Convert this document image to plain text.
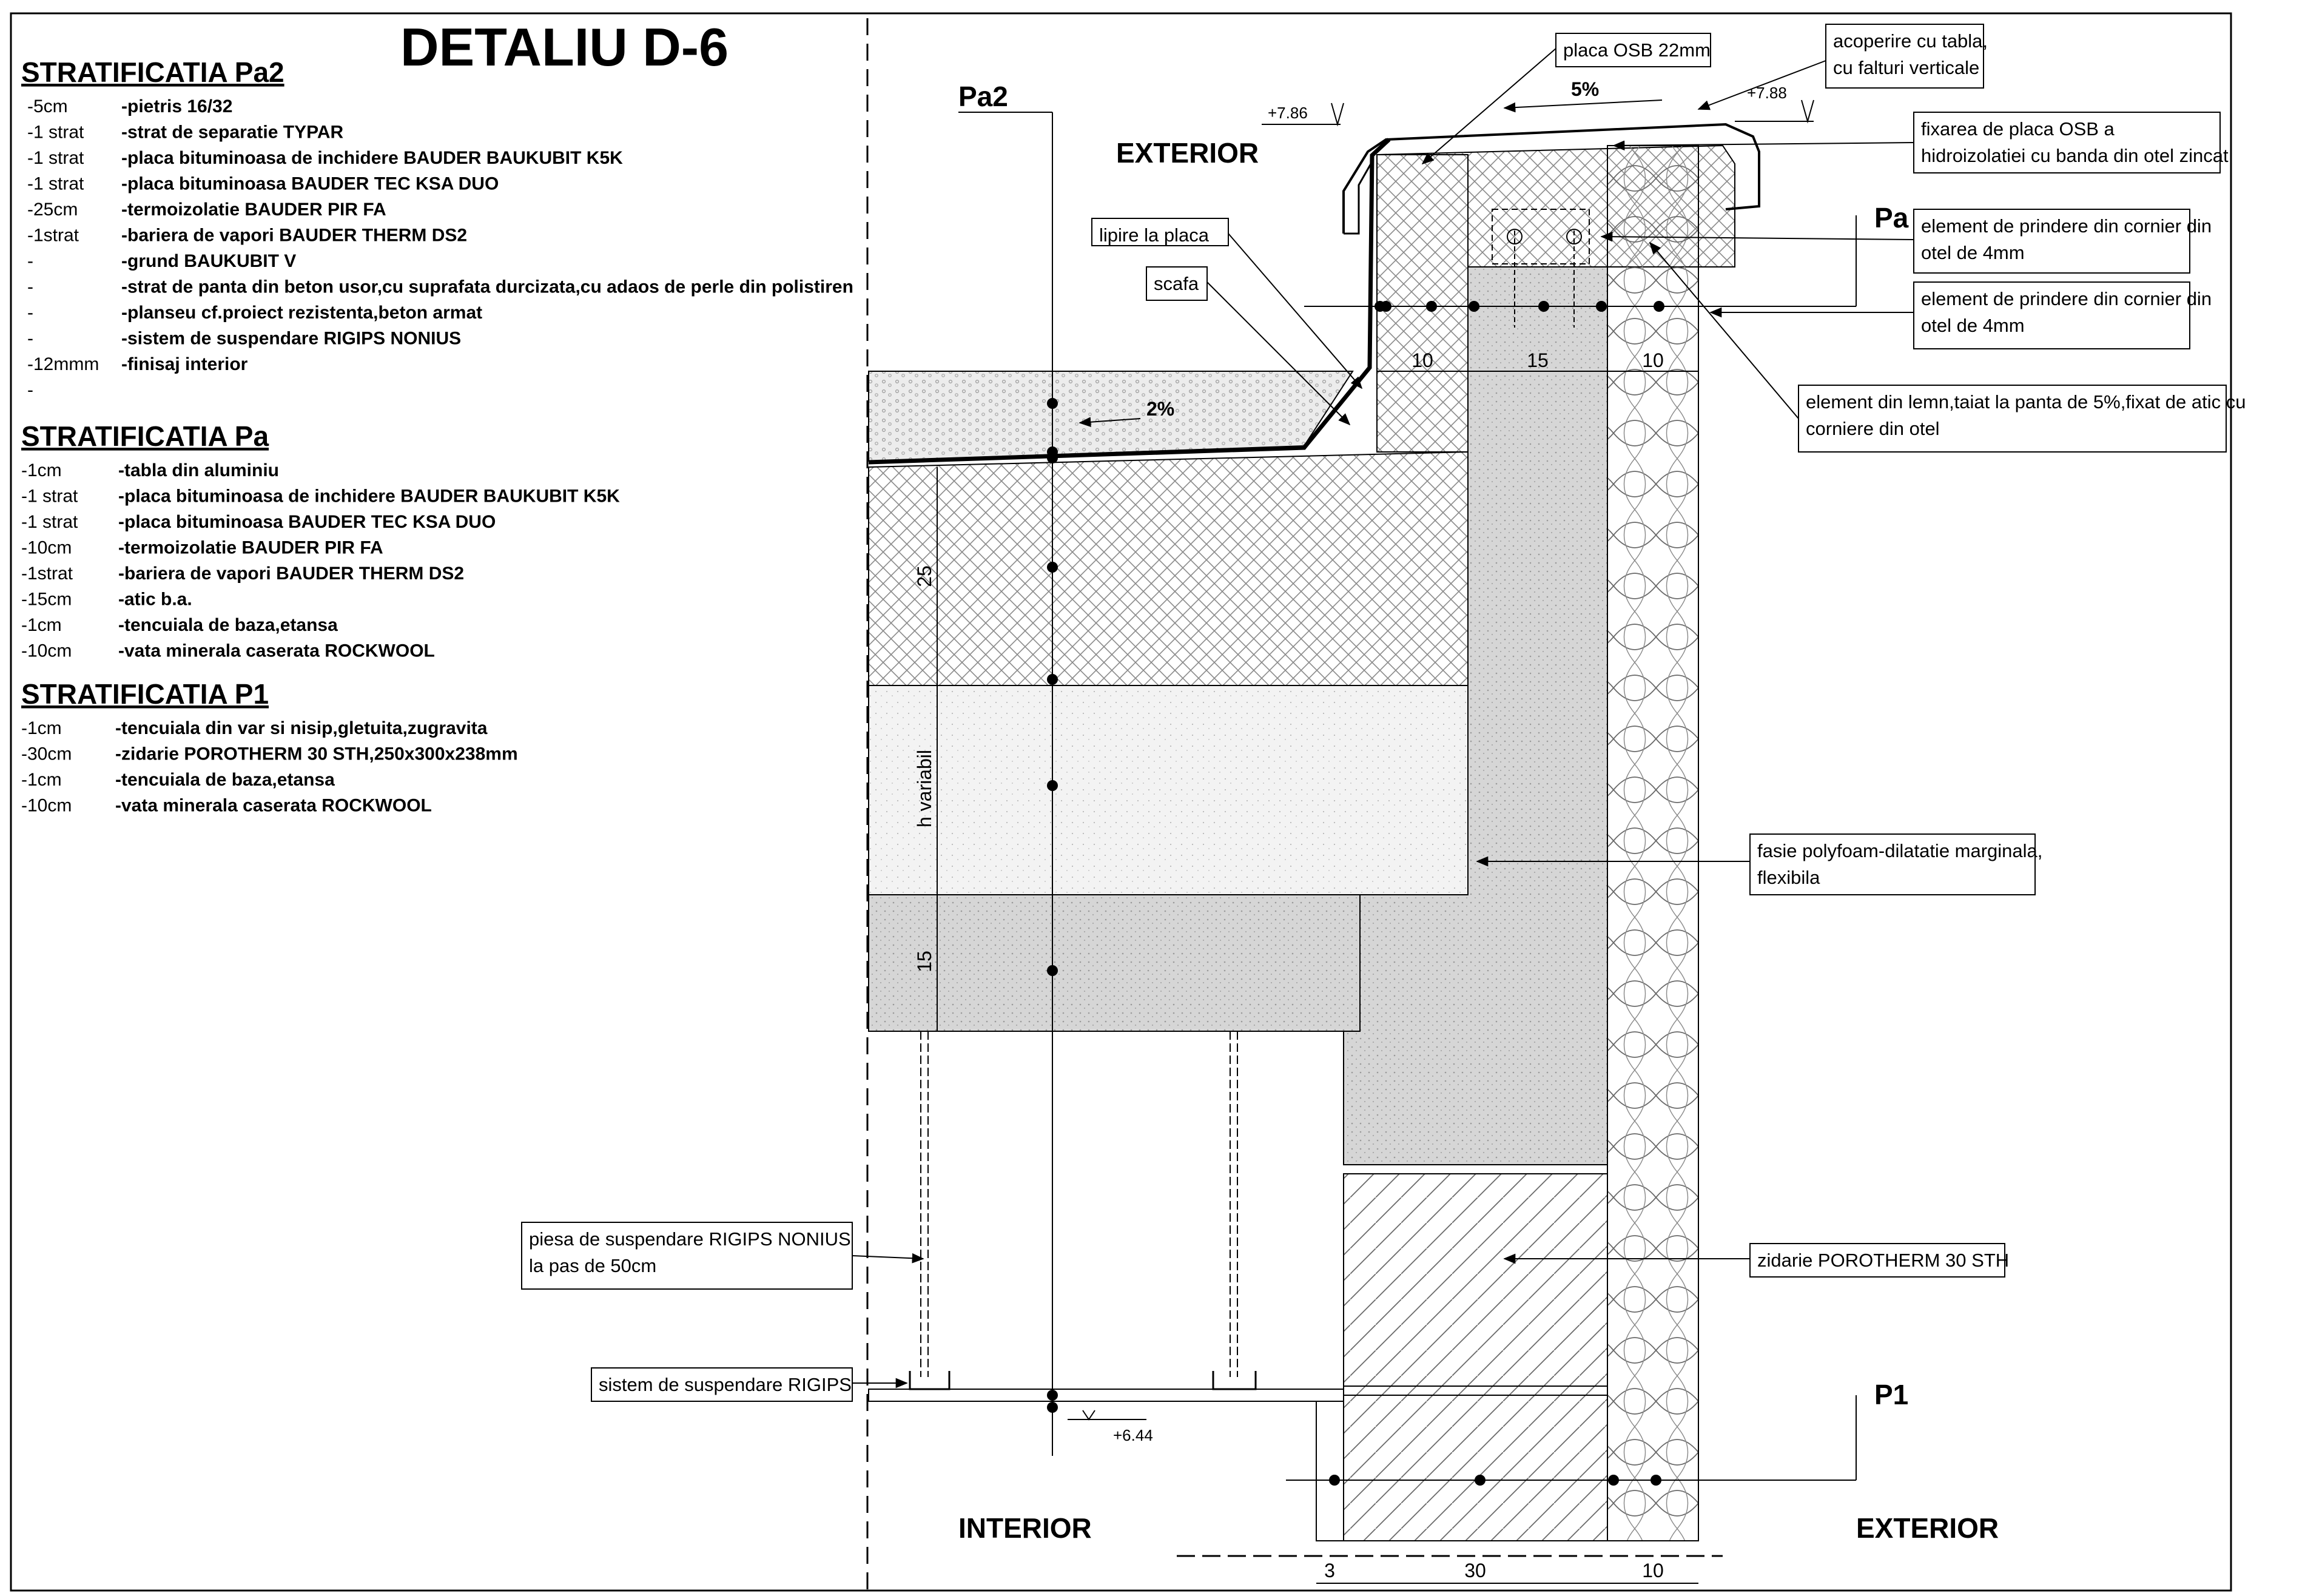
DETALIU D-6
STRATIFICATIA Pa2
-5cm	-pietris 16/32
-1 strat -strat de separatie TYPAR
-1 strat -placa bituminoasa de inchidere BAUDER BAUKUBIT K5K
-1 strat -placa bituminoasa BAUDER TEC KSA DUO
-25cm -termoizolatie BAUDER PIR FA
-1strat -bariera de vapori BAUDER THERM DS2
-	-grund BAUKUBIT V
-	-strat de panta din beton usor,cu suprafata durcizata,cu adaos de perle din polistiren
-	-planseu cf.proiect rezistenta,beton armat
-	-sistem de suspendare RIGIPS NONIUS
-12mmm -finisaj interior
-
STRATIFICATIA Pa
-1cm	-tabla din aluminiu
-1 strat -placa bituminoasa de inchidere BAUDER BAUKUBIT K5K
-1 strat -placa bituminoasa BAUDER TEC KSA DUO
-10cm	-termoizolatie BAUDER PIR FA
-1strat -bariera de vapori BAUDER THERM DS2
-15cm	-atic b.a.
-1cm	-tencuiala de baza,etansa
-10cm	-vata minerala caserata ROCKWOOL
STRATIFICATIA P1
-1cm	-tencuiala din var si nisip,gletuita,zugravita
-30cm -zidarie POROTHERM 30 STH,250x300x238mm
-1cm	-tencuiala de baza,etansa
-10cm -vata minerala caserata ROCKWOOL
placa OSB 22mm	acoperire cu tabla,
cu falturi verticale
fixarea de placa OSB a
hidroizolatiei cu banda din otel zincat
element de prindere din cornier din
otel de 4mm
element de prindere din cornier din
otel de 4mm
element din lemn,taiat la panta de 5%,fixat de atic cu
corniere din otel
lipire la placa
scafa
fasie polyfoam-dilatatie marginala,
flexibila
zidarie POROTHERM 30 STH
piesa de suspendare RIGIPS NONIUS
la pas de 50cm
sistem de suspendare RIGIPS
EXTERIOR
INTERIOR	EXTERIOR
Pa2
Pa
P1
+7.86
+7.88
+6.44
2%
5%
10	15	10
3	30	10
25
h variabil
15
